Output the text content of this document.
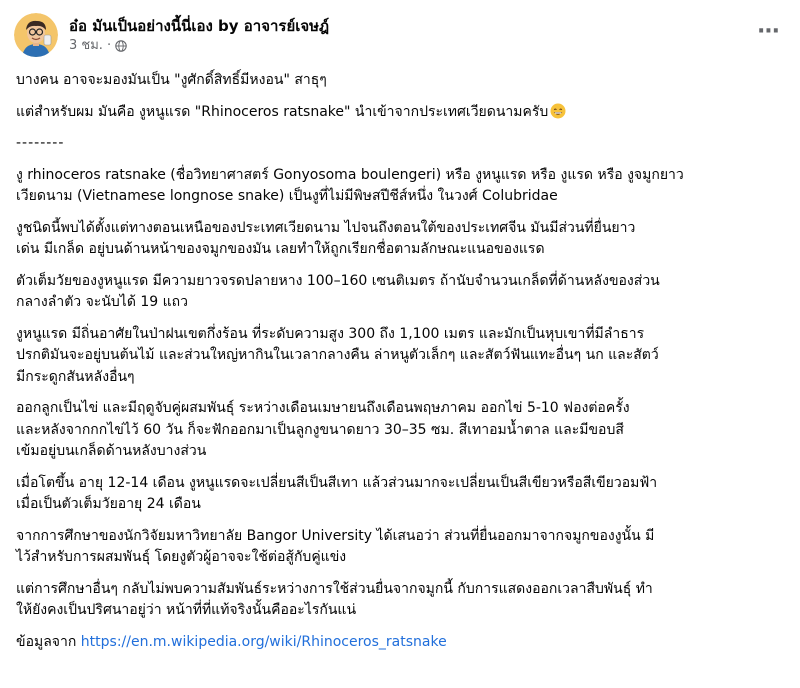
อ๋อ มันเป็นอย่างนี้นี่เอง by อาจารย์เจษฎ์
3 ชม. ·
···

บางคน อาจจะมองมันเป็น "งูศักดิ์สิทธิ์มีหงอน" สาธุๆ

แต่สำหรับผม มันคือ งูหนูแรด "Rhinoceros ratsnake" นำเข้าจากประเทศเวียดนามครับ

--------

งู rhinoceros ratsnake (ชื่อวิทยาศาสตร์ Gonyosoma boulengeri) หรือ งูหนูแรด หรือ งูแรด หรือ งูจมูกยาว
เวียดนาม (Vietnamese longnose snake) เป็นงูที่ไม่มีพิษสปีชีส์หนึ่ง ในวงศ์ Colubridae

งูชนิดนี้พบได้ตั้งแต่ทางตอนเหนือของประเทศเวียดนาม ไปจนถึงตอนใต้ของประเทศจีน มันมีส่วนที่ยื่นยาว
เด่น มีเกล็ด อยู่บนด้านหน้าของจมูกของมัน เลยทำให้ถูกเรียกชื่อตามลักษณะแนอของแรด

ตัวเต็มวัยของงูหนูแรด มีความยาวจรดปลายหาง 100–160 เซนติเมตร ถ้านับจำนวนเกล็ดที่ด้านหลังของส่วน
กลางลำตัว จะนับได้ 19 แถว

งูหนูแรด มีถิ่นอาศัยในป่าฝนเขตกึ่งร้อน ที่ระดับความสูง 300 ถึง 1,100 เมตร และมักเป็นหุบเขาที่มีลำธาร
ปรกติมันจะอยู่บนต้นไม้ และส่วนใหญ่หากินในเวลากลางคืน ล่าหนูตัวเล็กๆ และสัตว์ฟันแทะอื่นๆ นก และสัตว์
มีกระดูกสันหลังอื่นๆ

ออกลูกเป็นไข่ และมีฤดูจับคู่ผสมพันธุ์ ระหว่างเดือนเมษายนถึงเดือนพฤษภาคม ออกไข่ 5-10 ฟองต่อครั้ง
และหลังจากกกไข่ไว้ 60 วัน ก็จะฟักออกมาเป็นลูกงูขนาดยาว 30–35 ซม. สีเทาอมน้ำตาล และมีขอบสี
เข้มอยู่บนเกล็ดด้านหลังบางส่วน

เมื่อโตขึ้น อายุ 12-14 เดือน งูหนูแรดจะเปลี่ยนสีเป็นสีเทา แล้วส่วนมากจะเปลี่ยนเป็นสีเขียวหรือสีเขียวอมฟ้า
เมื่อเป็นตัวเต็มวัยอายุ 24 เดือน

จากการศึกษาของนักวิจัยมหาวิทยาลัย Bangor University ได้เสนอว่า ส่วนที่ยื่นออกมาจากจมูกของงูนั้น มี
ไว้สำหรับการผสมพันธุ์ โดยงูตัวผู้อาจจะใช้ต่อสู้กับคู่แข่ง

แต่การศึกษาอื่นๆ กลับไม่พบความสัมพันธ์ระหว่างการใช้ส่วนยื่นจากจมูกนี้ กับการแสดงออกเวลาสืบพันธุ์ ทำ
ให้ยังคงเป็นปริศนาอยู่ว่า หน้าที่ที่แท้จริงนั้นคืออะไรกันแน่

ข้อมูลจาก https://en.m.wikipedia.org/wiki/Rhinoceros_ratsnake
